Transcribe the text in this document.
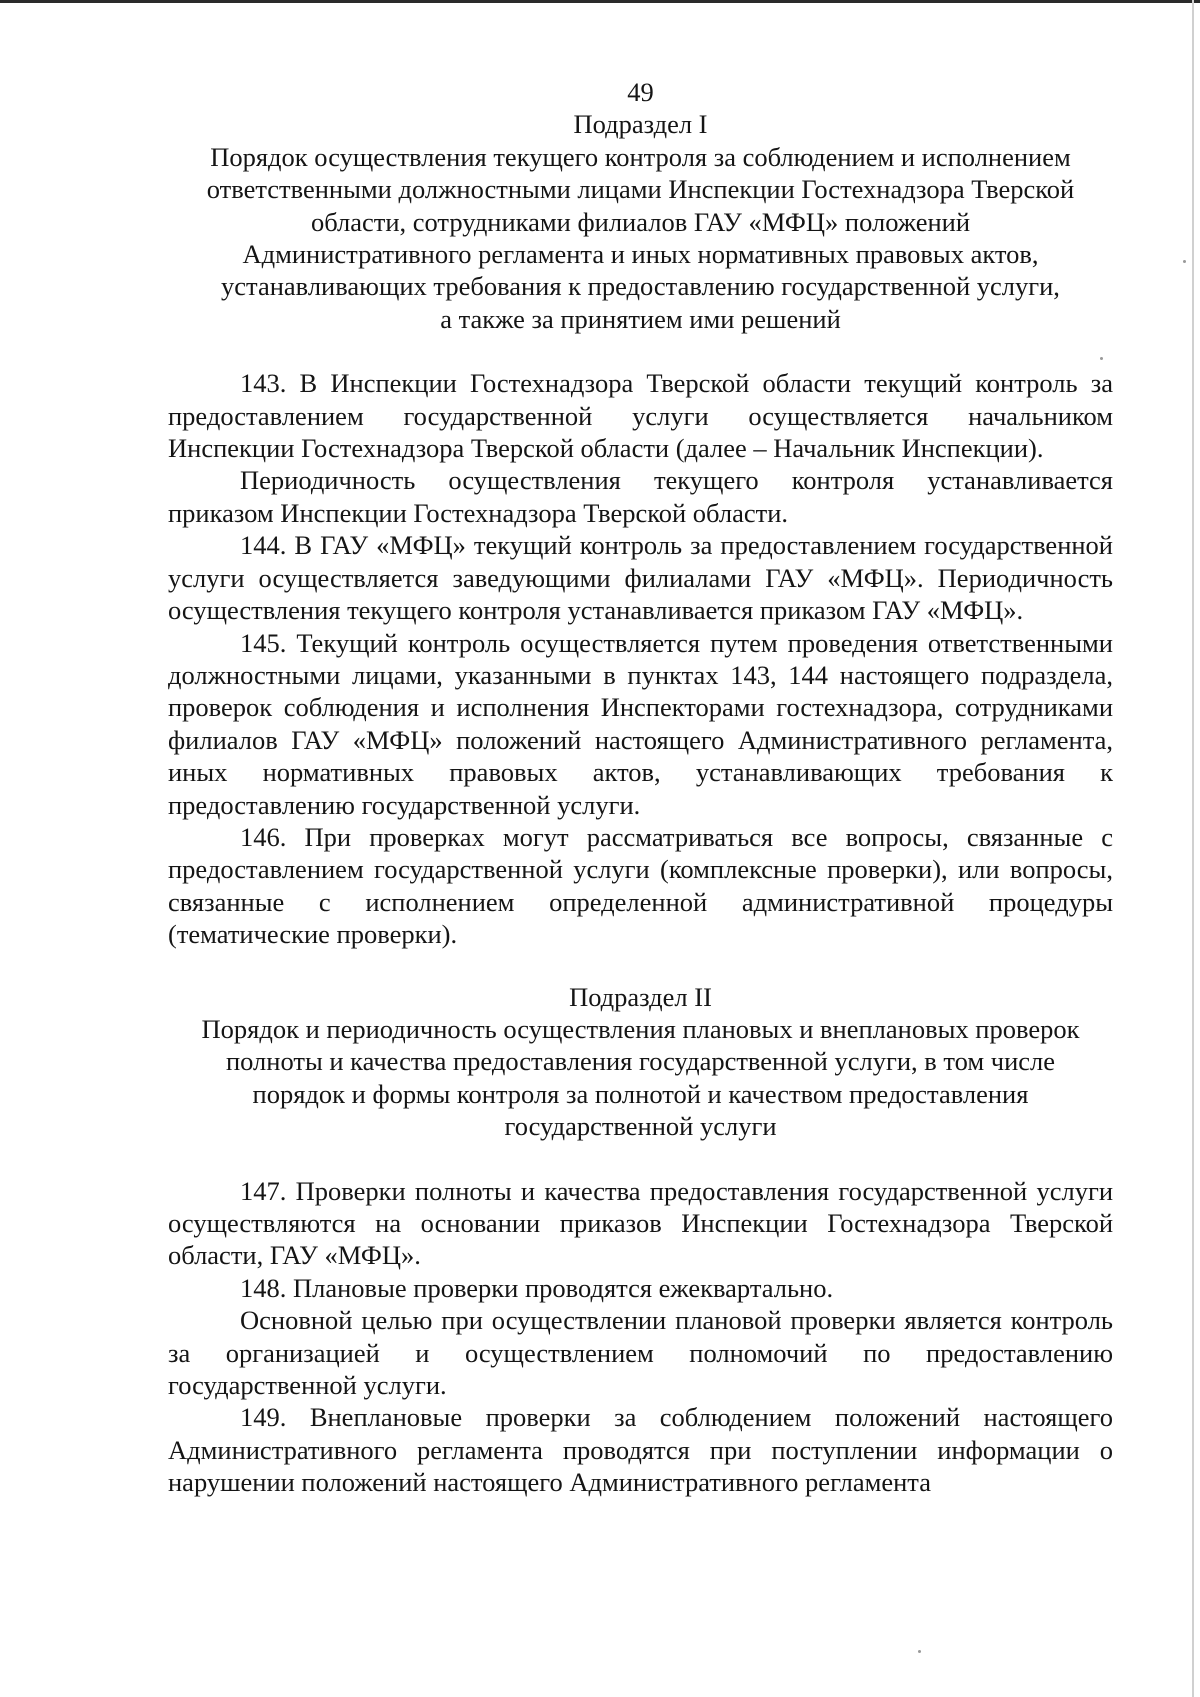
49

Подраздел I

Порядок осуществления текущего контроля за соблюдением и исполнением

ответственными должностными лицами Инспекции Гостехнадзора Тверской

области, сотрудниками филиалов ГАУ «МФЦ» положений

Административного регламента и иных нормативных правовых актов,

устанавливающих требования к предоставлению государственной услуги,

а также за принятием ими решений

143. В Инспекции Гостехнадзора Тверской области текущий контроль за предоставлением государственной услуги осуществляется начальником Инспекции Гостехнадзора Тверской области (далее – Начальник Инспекции).

Периодичность осуществления текущего контроля устанавливается приказом Инспекции Гостехнадзора Тверской области.

144. В ГАУ «МФЦ» текущий контроль за предоставлением государственной услуги осуществляется заведующими филиалами ГАУ «МФЦ». Периодичность осуществления текущего контроля устанавливается приказом ГАУ «МФЦ».

145. Текущий контроль осуществляется путем проведения ответственными должностными лицами, указанными в пунктах 143, 144 настоящего подраздела, проверок соблюдения и исполнения Инспекторами гостехнадзора, сотрудниками филиалов ГАУ «МФЦ» положений настоящего Административного регламента, иных нормативных правовых актов, устанавливающих требования к предоставлению государственной услуги.

146. При проверках могут рассматриваться все вопросы, связанные с предоставлением государственной услуги (комплексные проверки), или вопросы, связанные с исполнением определенной административной процедуры (тематические проверки).

Подраздел II

Порядок и периодичность осуществления плановых и внеплановых проверок

полноты и качества предоставления государственной услуги, в том числе

порядок и формы контроля за полнотой и качеством предоставления

государственной услуги

147. Проверки полноты и качества предоставления государственной услуги осуществляются на основании приказов Инспекции Гостехнадзора Тверской области, ГАУ «МФЦ».

148. Плановые проверки проводятся ежеквартально.

Основной целью при осуществлении плановой проверки является контроль за организацией и осуществлением полномочий по предоставлению государственной услуги.

149. Внеплановые проверки за соблюдением положений настоящего Административного регламента проводятся при поступлении информации о нарушении положений настоящего Административного регламента
